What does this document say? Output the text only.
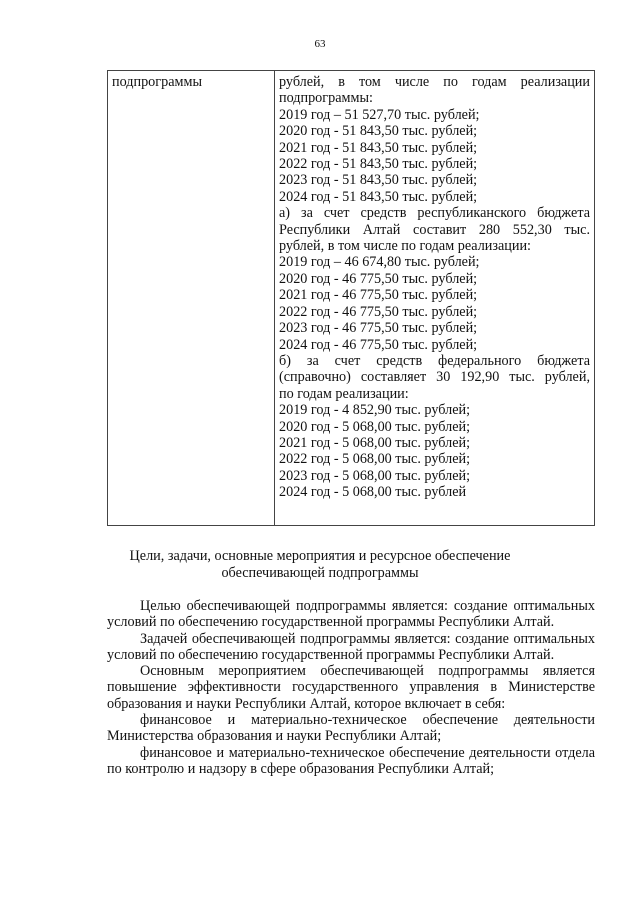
63
подпрограммы	рублей, в том числе по годам реализации
подпрограммы:
2019 год – 51 527,70 тыс. рублей;
2020 год - 51 843,50 тыс. рублей;
2021 год - 51 843,50 тыс. рублей;
2022 год - 51 843,50 тыс. рублей;
2023 год - 51 843,50 тыс. рублей;
2024 год - 51 843,50 тыс. рублей;
а) за счет средств республиканского бюджета
Республики Алтай составит 280 552,30 тыс.
рублей, в том числе по годам реализации:
2019 год – 46 674,80 тыс. рублей;
2020 год - 46 775,50 тыс. рублей;
2021 год - 46 775,50 тыс. рублей;
2022 год - 46 775,50 тыс. рублей;
2023 год - 46 775,50 тыс. рублей;
2024 год - 46 775,50 тыс. рублей;
б) за счет средств федерального бюджета
(справочно) составляет 30 192,90 тыс. рублей,
по годам реализации:
2019 год - 4 852,90 тыс. рублей;
2020 год - 5 068,00 тыс. рублей;
2021 год - 5 068,00 тыс. рублей;
2022 год - 5 068,00 тыс. рублей;
2023 год - 5 068,00 тыс. рублей;
2024 год - 5 068,00 тыс. рублей
Цели, задачи, основные мероприятия и ресурсное обеспечение
обеспечивающей подпрограммы

Целью обеспечивающей подпрограммы является: создание оптимальных условий по обеспечению государственной программы Республики Алтай.

Задачей обеспечивающей подпрограммы является: создание оптимальных условий по обеспечению государственной программы Республики Алтай.

Основным мероприятием обеспечивающей подпрограммы является повышение эффективности государственного управления в Министерстве образования и науки Республики Алтай, которое включает в себя:

финансовое и материально-техническое обеспечение деятельности Министерства образования и науки Республики Алтай;

финансовое и материально-техническое обеспечение деятельности отдела по контролю и надзору в сфере образования Республики Алтай;
